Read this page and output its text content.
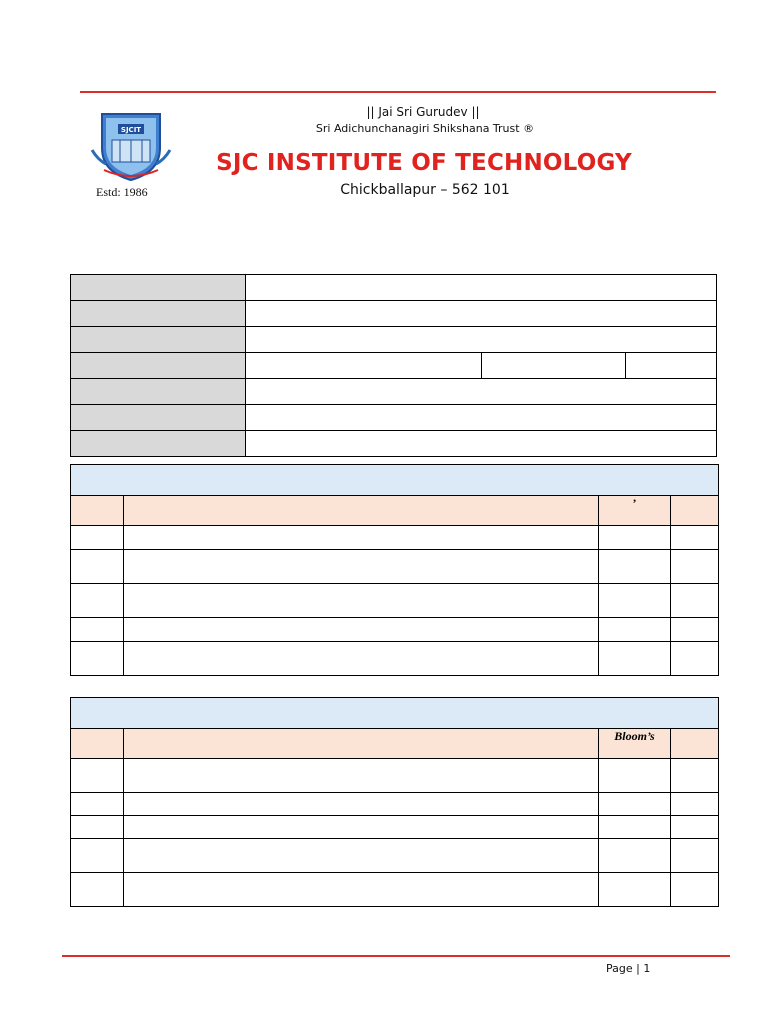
SJCIT
|| Jai Sri Gurudev ||
Sri Adichunchanagiri Shikshana Trust ®
SJC INSTITUTE OF TECHNOLOGY
Chickballapur – 562 101
Estd: 1986

		’	

		Bloom’s	

Page | 1
